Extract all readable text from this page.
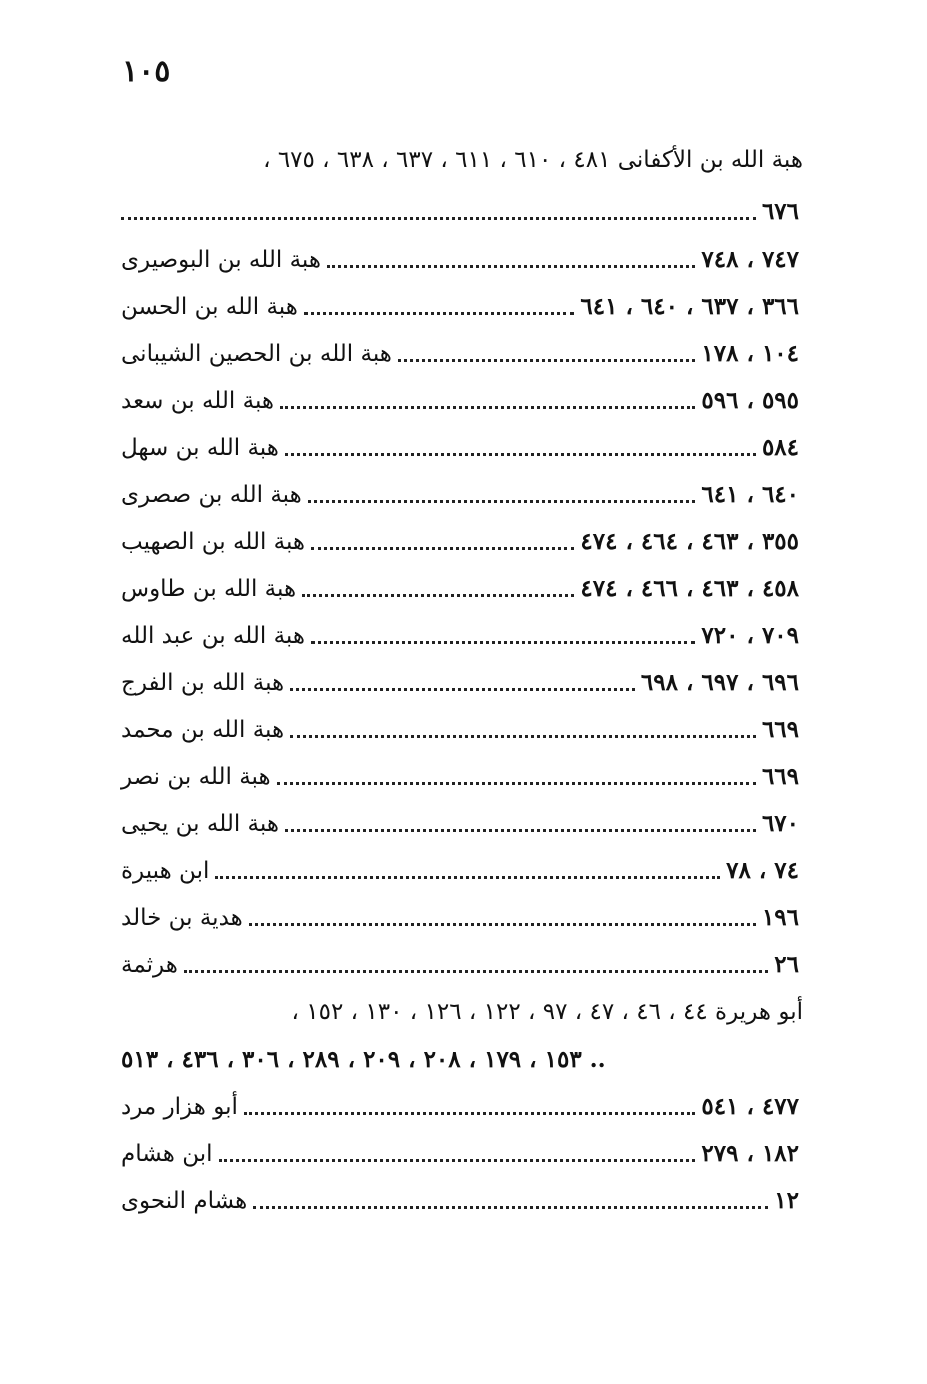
١٠٥
هبة الله بن الأكفانى ٤٨١ ، ٦١٠ ، ٦١١ ، ٦٣٧ ، ٦٣٨ ، ٦٧٥ ،
٦٧٦
هبة الله بن البوصيرى	٧٤٧ ، ٧٤٨
هبة الله بن الحسن	٣٦٦ ، ٦٣٧ ، ٦٤٠ ، ٦٤١
هبة الله بن الحصين الشيبانى	١٠٤ ، ١٧٨
هبة الله بن سعد	٥٩٥ ، ٥٩٦
هبة الله بن سهل	٥٨٤
هبة الله بن صصرى	٦٤٠ ، ٦٤١
هبة الله بن الصهيب	٣٥٥ ، ٤٦٣ ، ٤٦٤ ، ٤٧٤
هبة الله بن طاوس	٤٥٨ ، ٤٦٣ ، ٤٦٦ ، ٤٧٤
هبة الله بن عبد الله	٧٠٩ ، ٧٢٠
هبة الله بن الفرج	٦٩٦ ، ٦٩٧ ، ٦٩٨
هبة الله بن محمد	٦٦٩
هبة الله بن نصر	٦٦٩
هبة الله بن يحيى	٦٧٠
ابن هبيرة	٧٤ ، ٧٨
هدية بن خالد	١٩٦
هرثمة	٢٦
أبو هريرة ٤٤ ، ٤٦ ، ٤٧ ، ٩٧ ، ١٢٢ ، ١٢٦ ، ١٣٠ ، ١٥٢ ،
.. ١٥٣ ، ١٧٩ ، ٢٠٨ ، ٢٠٩ ، ٢٨٩ ، ٣٠٦ ، ٤٣٦ ، ٥١٣
أبو هزار مرد	٤٧٧ ، ٥٤١
ابن هشام	١٨٢ ، ٢٧٩
هشام النحوى	١٢
